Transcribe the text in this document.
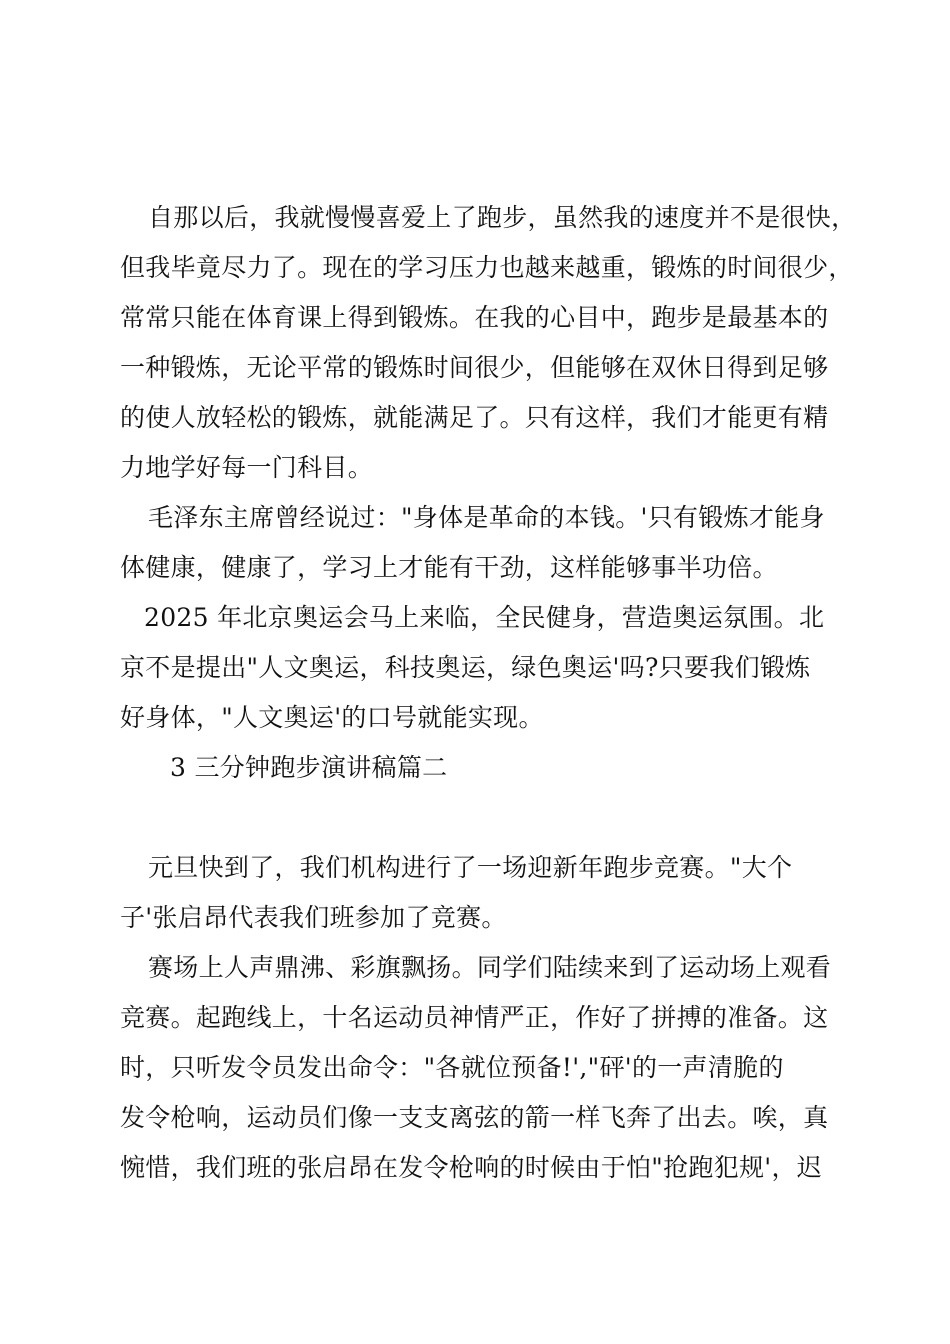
自那以后，我就慢慢喜爱上了跑步，虽然我的速度并不是很快，
但我毕竟尽力了。现在的学习压力也越来越重，锻炼的时间很少，
常常只能在体育课上得到锻炼。在我的心目中，跑步是最基本的
一种锻炼，无论平常的锻炼时间很少，但能够在双休日得到足够
的使人放轻松的锻炼，就能满足了。只有这样，我们才能更有精
力地学好每一门科目。
毛泽东主席曾经说过："身体是革命的本钱。'只有锻炼才能身
体健康，健康了，学习上才能有干劲，这样能够事半功倍。
2025 年北京奥运会马上来临，全民健身，营造奥运氛围。北
京不是提出"人文奥运，科技奥运，绿色奥运'吗?只要我们锻炼
好身体，"人文奥运'的口号就能实现。
3 三分钟跑步演讲稿篇二
元旦快到了，我们机构进行了一场迎新年跑步竞赛。"大个
子'张启昂代表我们班参加了竞赛。
赛场上人声鼎沸、彩旗飘扬。同学们陆续来到了运动场上观看
竞赛。起跑线上，十名运动员神情严正，作好了拼搏的准备。这
时，只听发令员发出命令："各就位预备!',"砰'的一声清脆的
发令枪响，运动员们像一支支离弦的箭一样飞奔了出去。唉，真
惋惜，我们班的张启昂在发令枪响的时候由于怕"抢跑犯规'，迟
